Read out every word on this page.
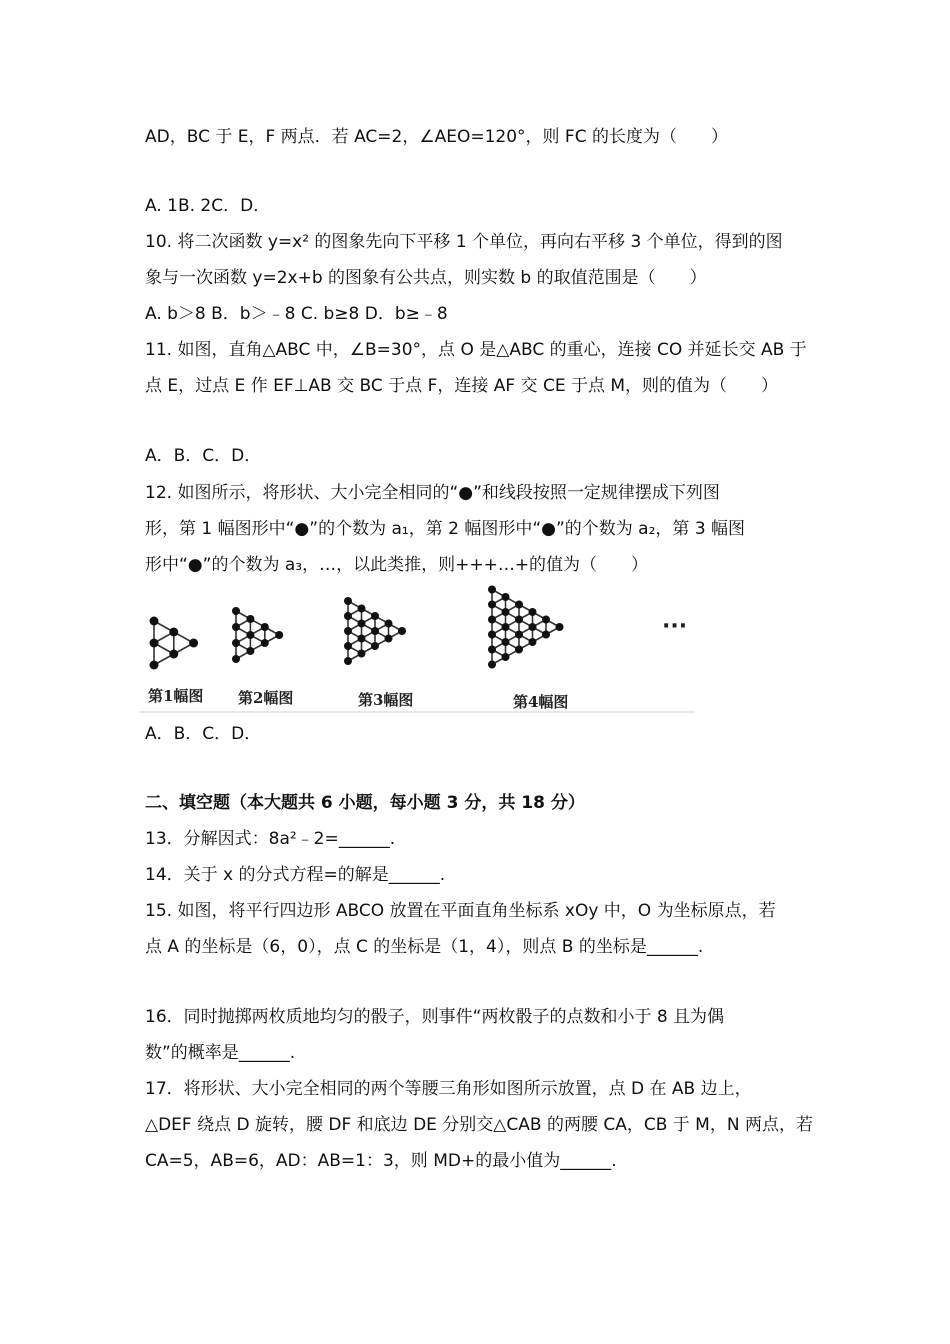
AD，BC 于 E，F 两点．若 AC=2，∠AEO=120°，则 FC 的长度为（　　）
A. 1B. 2C．D．
10. 将二次函数 y=x² 的图象先向下平移 1 个单位，再向右平移 3 个单位，得到的图
象与一次函数 y=2x+b 的图象有公共点，则实数 b 的取值范围是（　　）
A. b＞8 B．b＞﹣8 C. b≥8 D．b≥﹣8
11. 如图，直角△ABC 中，∠B=30°，点 O 是△ABC 的重心，连接 CO 并延长交 AB 于
点 E，过点 E 作 EF⊥AB 交 BC 于点 F，连接 AF 交 CE 于点 M，则的值为（　　）
A．B．C．D．
12. 如图所示，将形状、大小完全相同的“●”和线段按照一定规律摆成下列图
形，第 1 幅图形中“●”的个数为 a₁，第 2 幅图形中“●”的个数为 a₂，第 3 幅图
形中“●”的个数为 a₃，…，以此类推，则+++…+的值为（　　）
第1幅图 第2幅图	第3幅图	第4幅图
···
A．B．C．D．
二、填空题（本大题共 6 小题，每小题 3 分，共 18 分）
13．分解因式：8a²﹣2=______.
14．关于 x 的分式方程=的解是______.
15. 如图，将平行四边形 ABCO 放置在平面直角坐标系 xOy 中，O 为坐标原点，若
点 A 的坐标是（6，0），点 C 的坐标是（1，4），则点 B 的坐标是______.
16．同时抛掷两枚质地均匀的骰子，则事件“两枚骰子的点数和小于 8 且为偶
数”的概率是______.
17．将形状、大小完全相同的两个等腰三角形如图所示放置，点 D 在 AB 边上，
△DEF 绕点 D 旋转，腰 DF 和底边 DE 分别交△CAB 的两腰 CA，CB 于 M，N 两点，若
CA=5，AB=6，AD：AB=1：3，则 MD+的最小值为______.
